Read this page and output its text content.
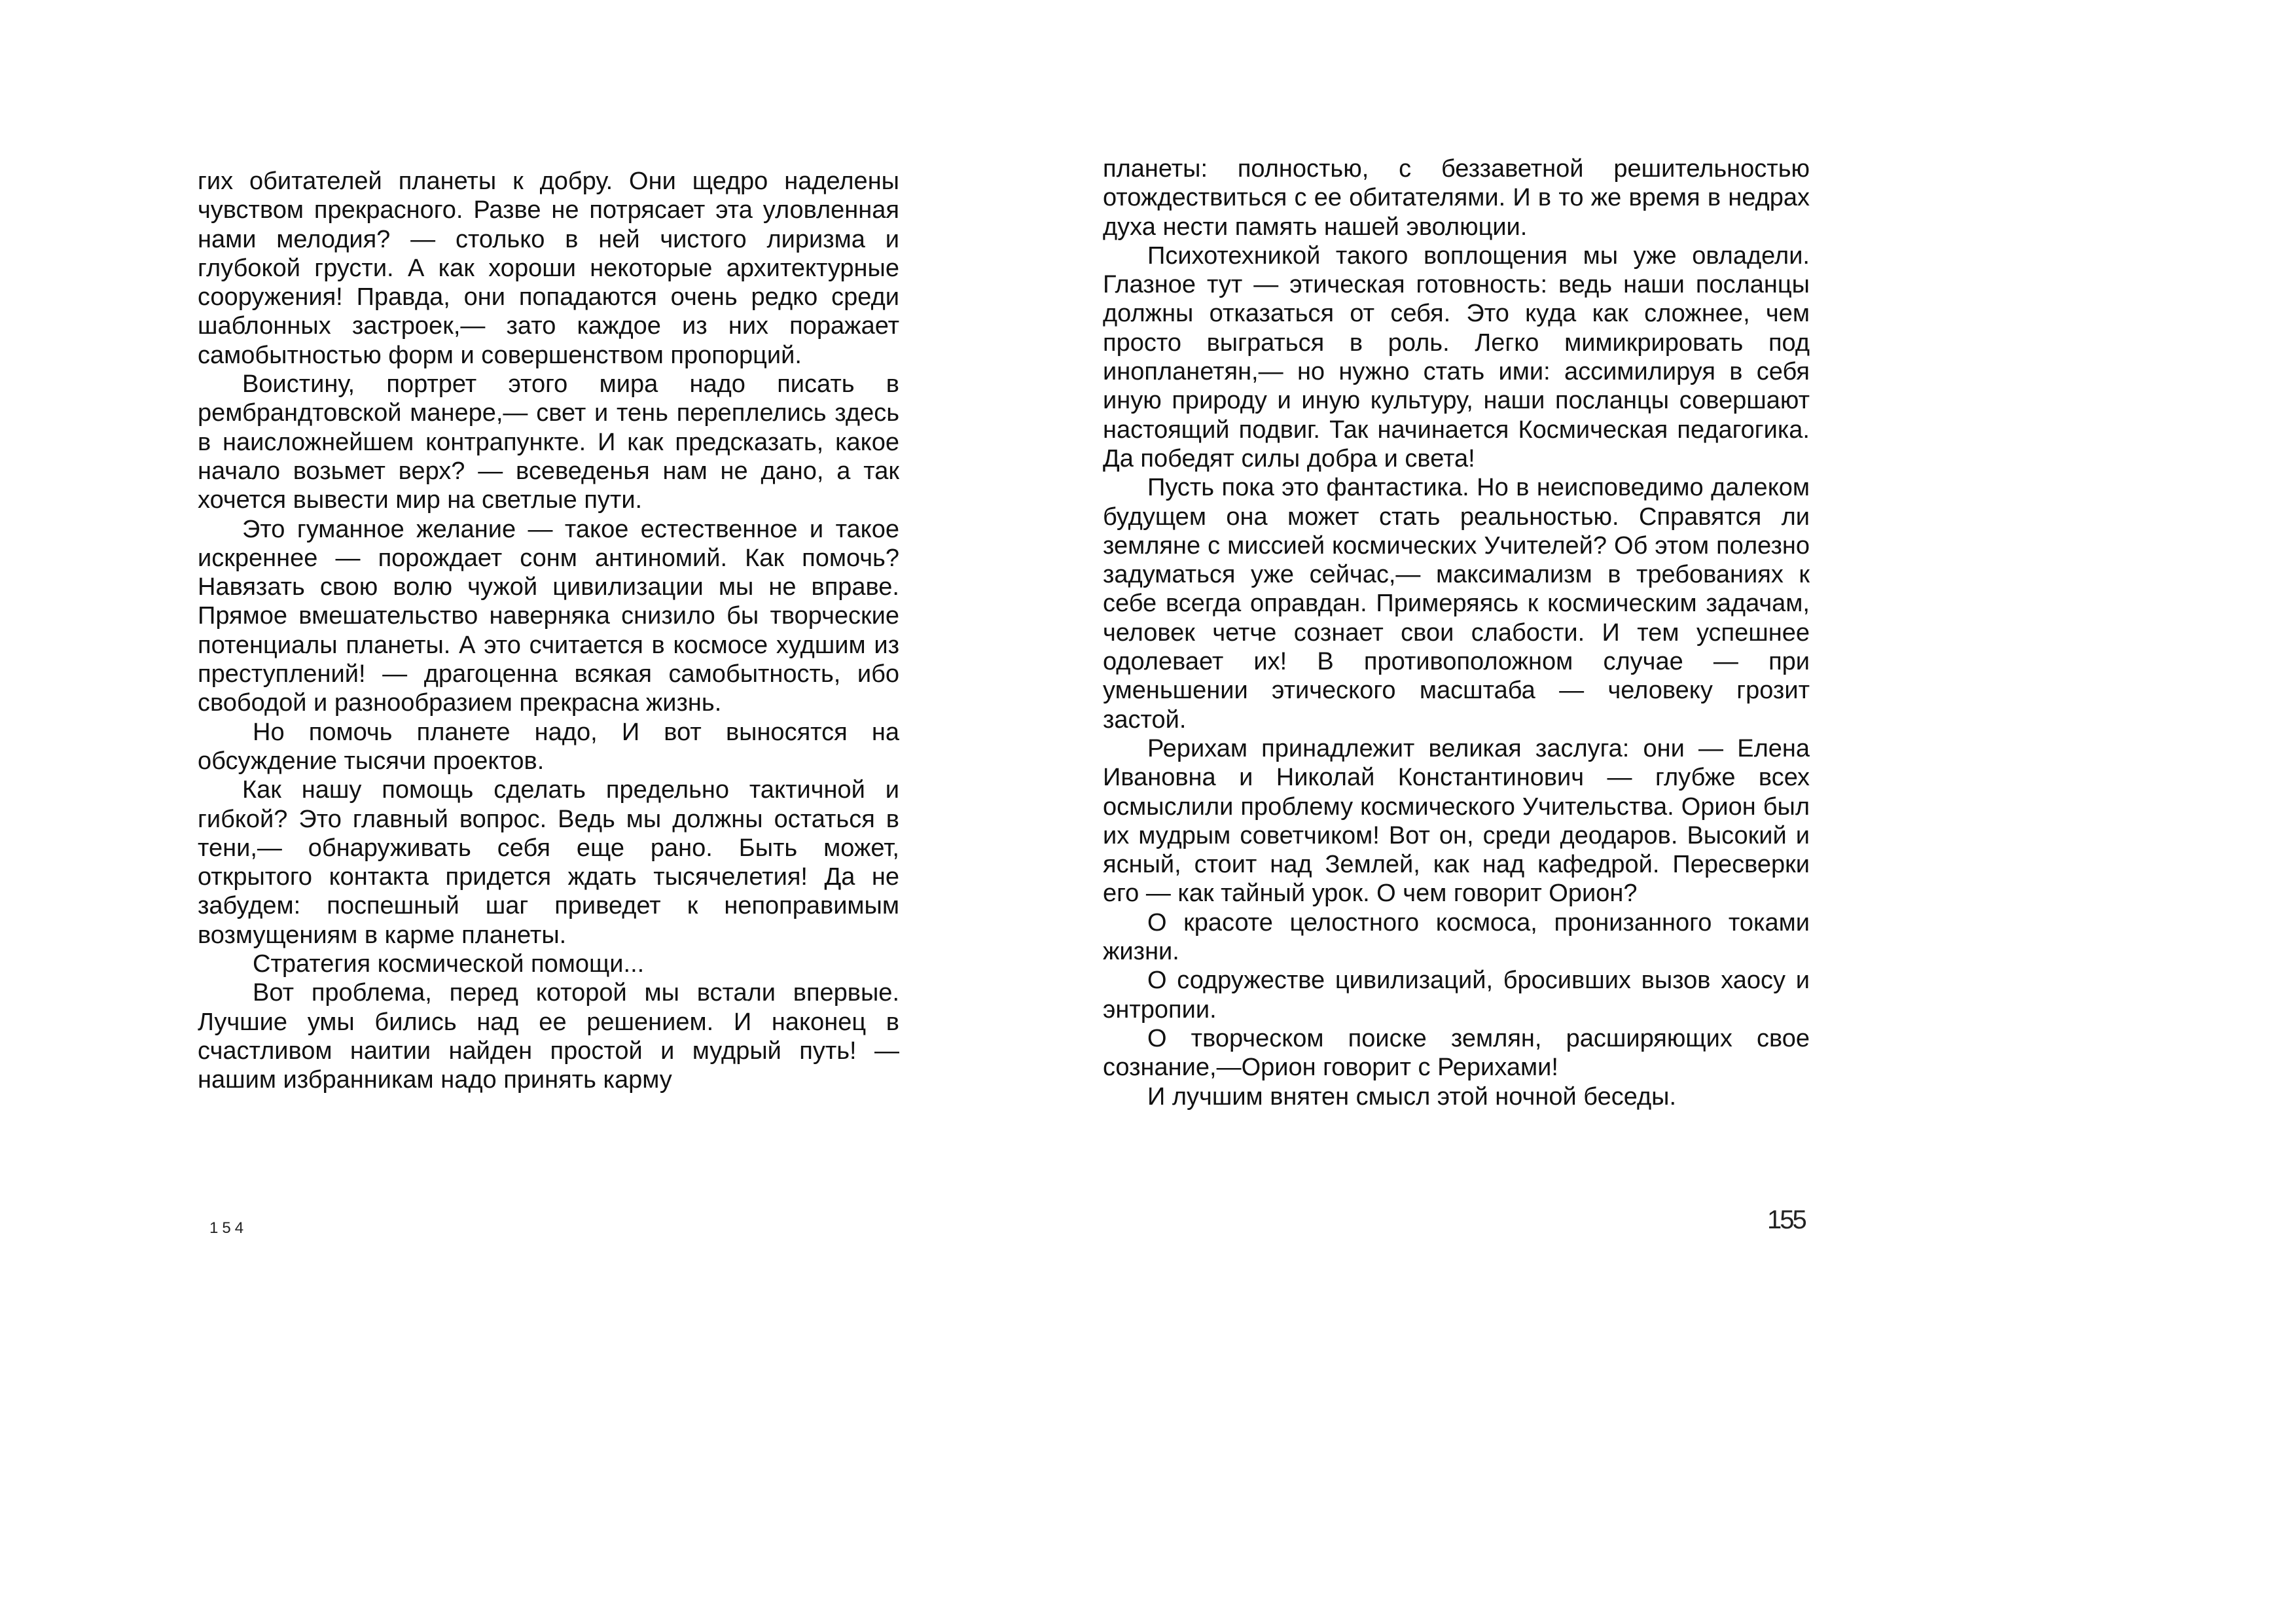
гих обитателей планеты к добру. Они щедро наделены чувством прекрасного. Разве не потрясает эта уловленная нами мелодия? — столько в ней чистого лиризма и глубокой грусти. А как хороши некоторые архитектурные сооружения! Правда, они попадаются очень редко среди шаблонных застроек,— зато каждое из них поражает самобытностью форм и совершенством пропорций.

Воистину, портрет этого мира надо писать в рембрандтовской манере,— свет и тень переплелись здесь в наисложнейшем контрапункте. И как предсказать, какое начало возьмет верх? — всеведенья нам не дано, а так хочется вывести мир на светлые пути.

Это гуманное желание — такое естественное и такое искреннее — порождает сонм антиномий. Как помочь? Навязать свою волю чужой цивилизации мы не вправе. Прямое вмешательство наверняка снизило бы творческие потенциалы планеты. А это считается в космосе худшим из преступлений! — драгоценна всякая самобытность, ибо свободой и разнообразием прекрасна жизнь.

Но помочь планете надо, И вот выносятся на обсуждение тысячи проектов.

Как нашу помощь сделать предельно тактичной и гибкой? Это главный вопрос. Ведь мы должны остаться в тени,— обнаруживать себя еще рано. Быть может, открытого контакта придется ждать тысячелетия! Да не забудем: поспешный шаг приведет к непоправимым возмущениям в карме планеты.

Стратегия космической помощи...

Вот проблема, перед которой мы встали впервые. Лучшие умы бились над ее решением. И наконец в счастливом наитии найден простой и мудрый путь! — нашим избранникам надо принять карму

154

планеты: полностью, с беззаветной решительностью отождествиться с ее обитателями. И в то же время в недрах духа нести память нашей эволюции.

Психотехникой такого воплощения мы уже овладели. Глазное тут — этическая готовность: ведь наши посланцы должны отказаться от себя. Это куда как сложнее, чем просто выграться в роль. Легко мимикрировать под инопланетян,— но нужно стать ими: ассимилируя в себя иную природу и иную культуру, наши посланцы совершают настоящий подвиг. Так начинается Космическая педагогика. Да победят силы добра и света!

Пусть пока это фантастика. Но в неисповедимо далеком будущем она может стать реальностью. Справятся ли земляне с миссией космических Учителей? Об этом полезно задуматься уже сейчас,— максимализм в требованиях к себе всегда оправдан. Примеряясь к космическим задачам, человек четче сознает свои слабости. И тем успешнее одолевает их! В противоположном случае — при уменьшении этического масштаба — человеку грозит застой.

Рерихам принадлежит великая заслуга: они — Елена Ивановна и Николай Константинович — глубже всех осмыслили проблему космического Учительства. Орион был их мудрым советчиком! Вот он, среди деодаров. Высокий и ясный, стоит над Землей, как над кафедрой. Пересверки его — как тайный урок. О чем говорит Орион?

О красоте целостного космоса, пронизанного токами жизни.

О содружестве цивилизаций, бросивших вызов хаосу и энтропии.

О творческом поиске землян, расширяющих свое сознание,—Орион говорит с Рерихами!

И лучшим внятен смысл этой ночной беседы.

155
